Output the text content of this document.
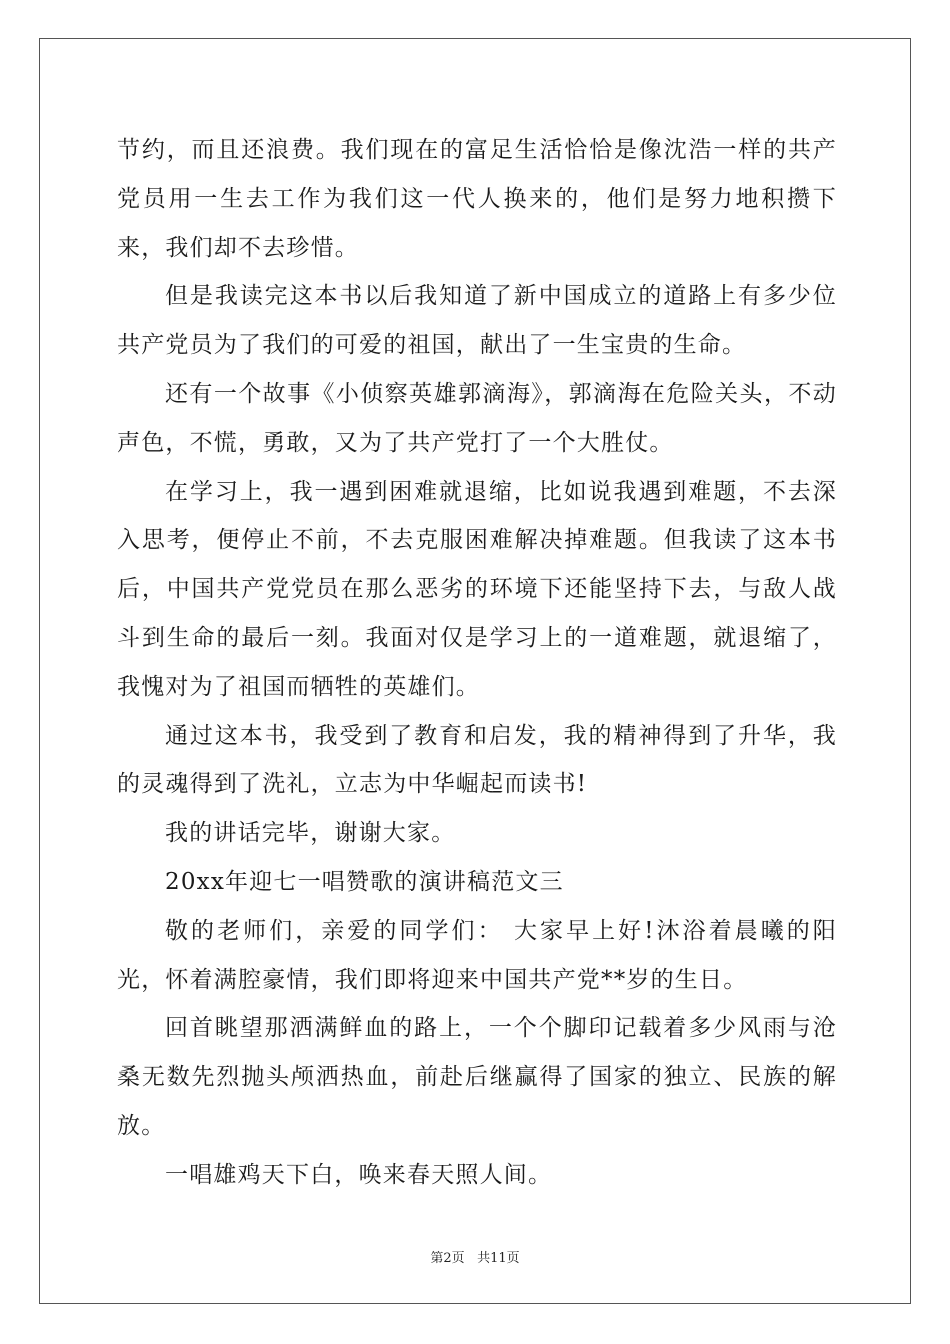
节约，而且还浪费。我们现在的富足生活恰恰是像沈浩一样的共产党员用一生去工作为我们这一代人换来的，他们是努力地积攒下来，我们却不去珍惜。

但是我读完这本书以后我知道了新中国成立的道路上有多少位共产党员为了我们的可爱的祖国，献出了一生宝贵的生命。

还有一个故事《小侦察英雄郭滴海》，郭滴海在危险关头，不动声色，不慌，勇敢，又为了共产党打了一个大胜仗。

在学习上，我一遇到困难就退缩，比如说我遇到难题，不去深入思考，便停止不前，不去克服困难解决掉难题。但我读了这本书后，中国共产党党员在那么恶劣的环境下还能坚持下去，与敌人战斗到生命的最后一刻。我面对仅是学习上的一道难题，就退缩了，我愧对为了祖国而牺牲的英雄们。

通过这本书，我受到了教育和启发，我的精神得到了升华，我的灵魂得到了洗礼，立志为中华崛起而读书!

我的讲话完毕，谢谢大家。

20xx年迎七一唱赞歌的演讲稿范文三

敬的老师们，亲爱的同学们： 大家早上好!沐浴着晨曦的阳光，怀着满腔豪情，我们即将迎来中国共产党**岁的生日。

回首眺望那洒满鲜血的路上，一个个脚印记载着多少风雨与沧桑无数先烈抛头颅洒热血，前赴后继赢得了国家的独立、民族的解放。

一唱雄鸡天下白，唤来春天照人间。

第2页 共11页
